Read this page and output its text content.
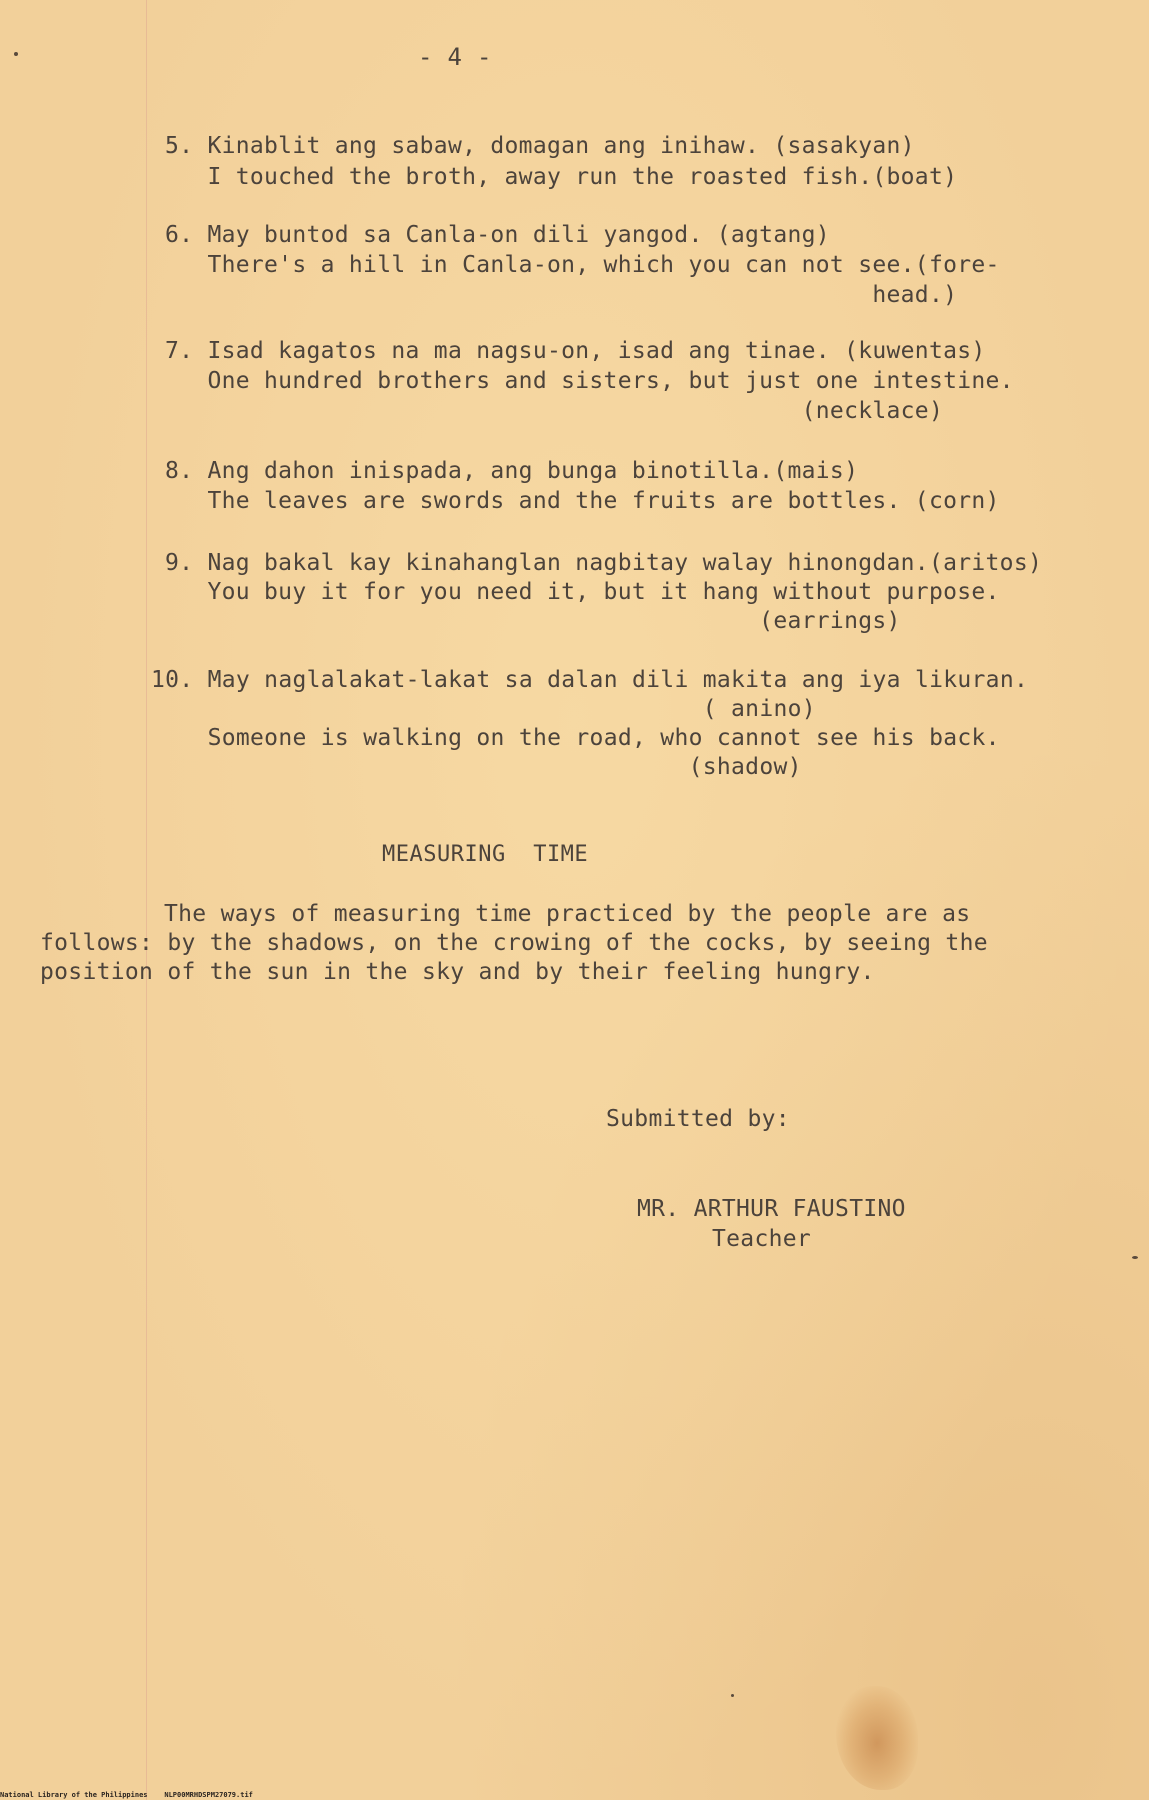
- 4 -
5. Kinablit ang sabaw, domagan ang inihaw. (sasakyan)
I touched the broth, away run the roasted fish.(boat)
6. May buntod sa Canla-on dili yangod. (agtang)
There's a hill in Canla-on, which you can not see.(fore-
head.)
7. Isad kagatos na ma nagsu-on, isad ang tinae. (kuwentas)
One hundred brothers and sisters, but just one intestine.
(necklace)
8. Ang dahon inispada, ang bunga binotilla.(mais)
The leaves are swords and the fruits are bottles. (corn)
9. Nag bakal kay kinahanglan nagbitay walay hinongdan.(aritos)
You buy it for you need it, but it hang without purpose.
(earrings)
10. May naglalakat-lakat sa dalan dili makita ang iya likuran.
( anino)
Someone is walking on the road, who cannot see his back.
(shadow)
MEASURING  TIME
The ways of measuring time practiced by the people are as follows: by the shadows, on the crowing of the cocks, by seeing the position of the sun in the sky and by their feeling hungry.
Submitted by:
MR. ARTHUR FAUSTINO
Teacher
National Library of the Philippines NLP00MRHDSPM27079.tif
